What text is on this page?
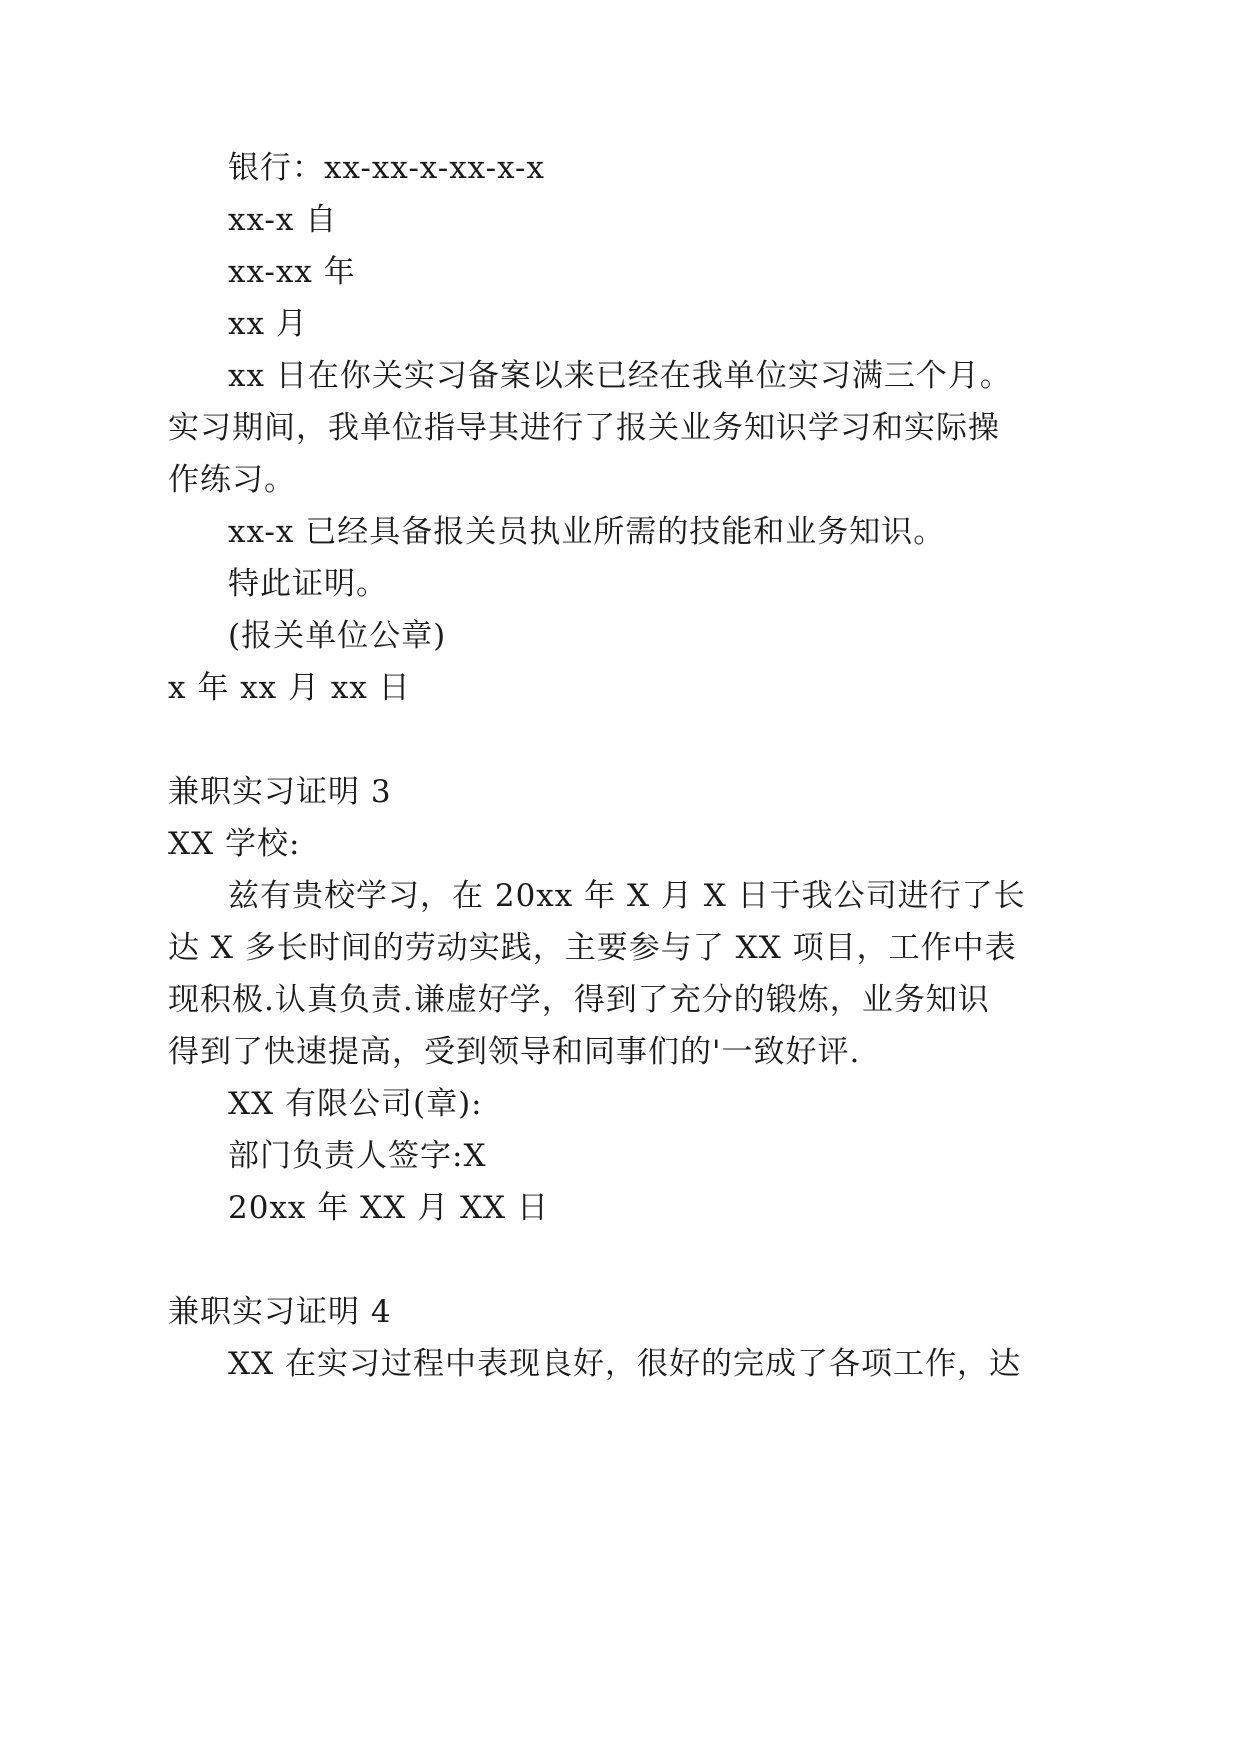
银行：xx-xx-x-xx-x-x
xx-x 自
xx-xx 年
xx 月
xx 日在你关实习备案以来已经在我单位实习满三个月。
实习期间，我单位指导其进行了报关业务知识学习和实际操
作练习。
xx-x 已经具备报关员执业所需的技能和业务知识。
特此证明。
(报关单位公章)
x 年 xx 月 xx 日
兼职实习证明 3
XX 学校:
兹有贵校学习，在 20xx 年 X 月 X 日于我公司进行了长
达 X 多长时间的劳动实践，主要参与了 XX 项目，工作中表
现积极.认真负责.谦虚好学，得到了充分的锻炼，业务知识
得到了快速提高，受到领导和同事们的'一致好评.
XX 有限公司(章):
部门负责人签字:X
20xx 年 XX 月 XX 日
兼职实习证明 4
XX 在实习过程中表现良好，很好的完成了各项工作，达
